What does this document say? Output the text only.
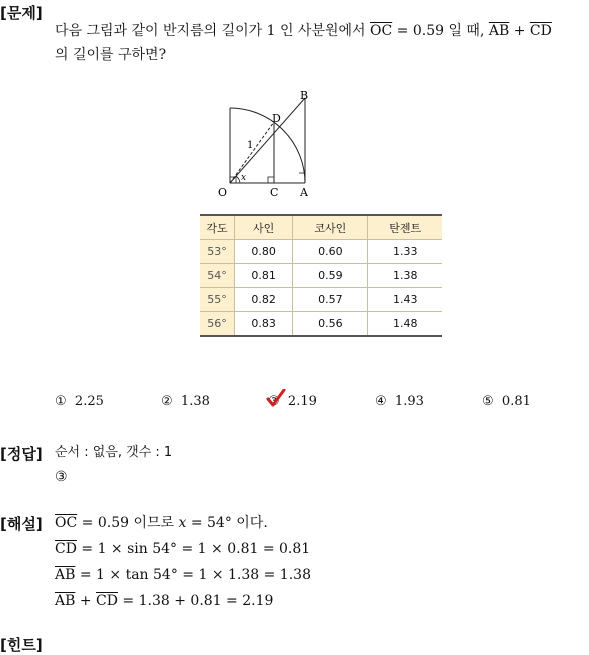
[문제]
[정답]
[해설]
[힌트]
다음 그림과 같이 반지름의 길이가 1 인 사분원에서 $\overline{OC} = 0.59$ 일 때, $\overline{AB} + \overline{CD}$
의 길이를 구하면?
O	C A
B
D
1
x
각도	사인	코사인	탄젠트
53°	0.80	0.60	1.33
54°	0.81	0.59	1.38
55°	0.82	0.57	1.43
56°	0.83	0.56	1.48
① 2.25	② 1.38	③ 2.19	④ 1.93	⑤ 0.81
순서 : 없음, 갯수 : 1
③
$\overline{OC} = 0.59$ 이므로 x = 54° 이다.
$\overline{CD} = 1 \times \sin 54^\circ = 1 \times 0.81 = 0.81$
$\overline{AB} = 1 \times \tan 54^\circ = 1 \times 1.38 = 1.38$
$\overline{AB} + \overline{CD} = 1.38 + 0.81 = 2.19$
